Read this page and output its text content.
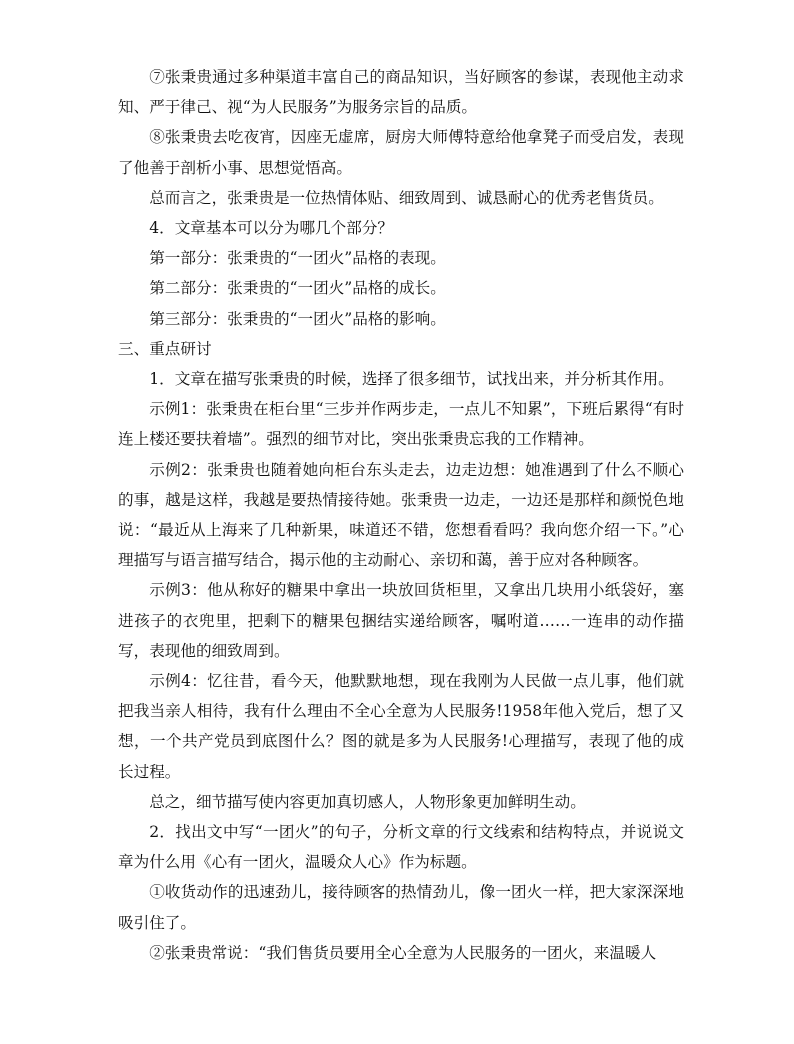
⑦张秉贵通过多种渠道丰富自己的商品知识，当好顾客的参谋，表现他主动求知、严于律己、视“为人民服务”为服务宗旨的品质。

⑧张秉贵去吃夜宵，因座无虚席，厨房大师傅特意给他拿凳子而受启发，表现了他善于剖析小事、思想觉悟高。

总而言之，张秉贵是一位热情体贴、细致周到、诚恳耐心的优秀老售货员。

4．文章基本可以分为哪几个部分？

第一部分：张秉贵的“一团火”品格的表现。

第二部分：张秉贵的“一团火”品格的成长。

第三部分：张秉贵的“一团火”品格的影响。

三、重点研讨

1．文章在描写张秉贵的时候，选择了很多细节，试找出来，并分析其作用。

示例1：张秉贵在柜台里“三步并作两步走，一点儿不知累”，下班后累得“有时连上楼还要扶着墙”。强烈的细节对比，突出张秉贵忘我的工作精神。

示例2：张秉贵也随着她向柜台东头走去，边走边想：她准遇到了什么不顺心的事，越是这样，我越是要热情接待她。张秉贵一边走，一边还是那样和颜悦色地说：“最近从上海来了几种新果，味道还不错，您想看看吗？我向您介绍一下。”心理描写与语言描写结合，揭示他的主动耐心、亲切和蔼，善于应对各种顾客。

示例3：他从称好的糖果中拿出一块放回货柜里，又拿出几块用小纸袋好，塞进孩子的衣兜里，把剩下的糖果包捆结实递给顾客，嘱咐道……一连串的动作描写，表现他的细致周到。

示例4：忆往昔，看今天，他默默地想，现在我刚为人民做一点儿事，他们就把我当亲人相待，我有什么理由不全心全意为人民服务!1958年他入党后，想了又想，一个共产党员到底图什么？图的就是多为人民服务!心理描写，表现了他的成长过程。

总之，细节描写使内容更加真切感人，人物形象更加鲜明生动。

2．找出文中写“一团火”的句子，分析文章的行文线索和结构特点，并说说文章为什么用《心有一团火，温暖众人心》作为标题。

①收货动作的迅速劲儿，接待顾客的热情劲儿，像一团火一样，把大家深深地吸引住了。

②张秉贵常说：“我们售货员要用全心全意为人民服务的一团火，来温暖人
